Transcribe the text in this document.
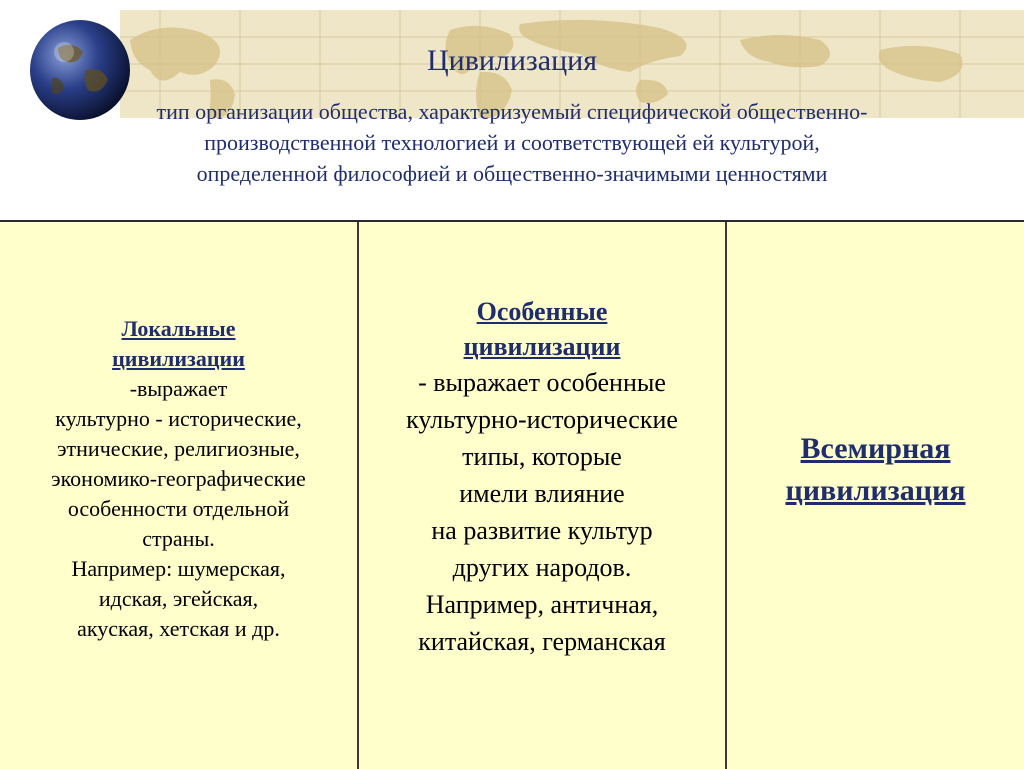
Цивилизация
тип организации общества, характеризуемый специфической общественно-
производственной технологией и соответствующей ей культурой,
определенной философией и общественно-значимыми ценностями
Локальные
цивилизации
-выражает
культурно - исторические,
этнические, религиозные,
экономико-географические
особенности отдельной
страны.
Например: шумерская,
идская, эгейская,
акуская, хетская и др.
Особенные
цивилизации
- выражает особенные
культурно-исторические
типы, которые
имели влияние
на развитие культур
других народов.
Например, античная,
китайская, германская
Всемирная
цивилизация
